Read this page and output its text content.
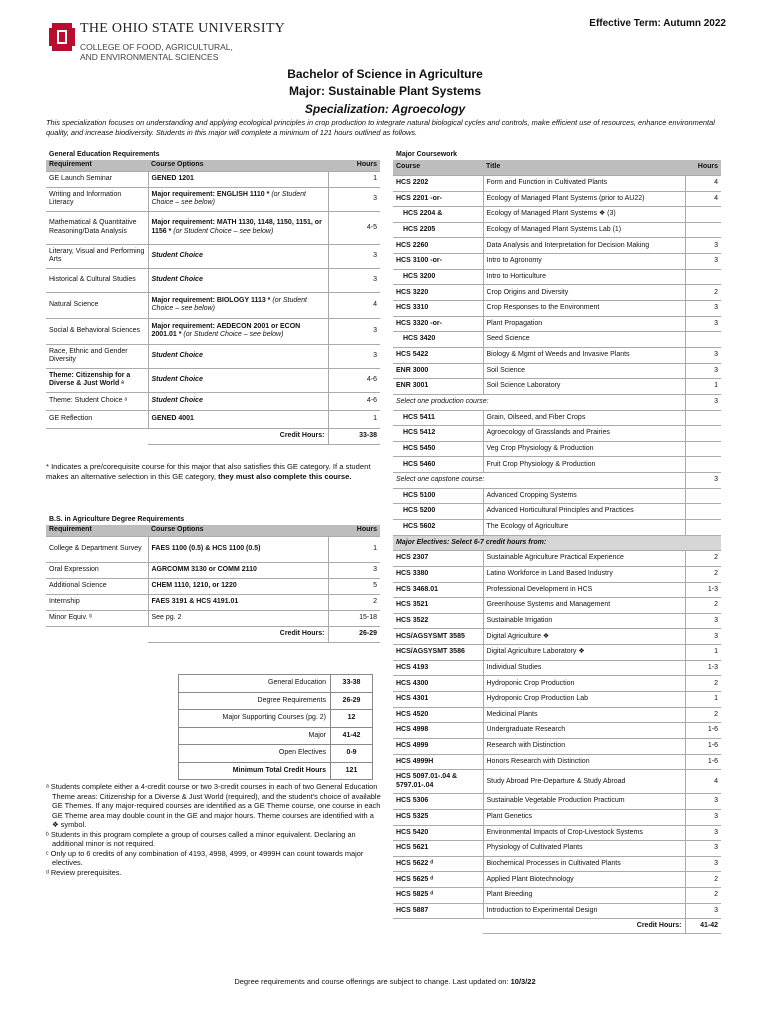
THE OHIO STATE UNIVERSITY
COLLEGE OF FOOD, AGRICULTURAL,
AND ENVIRONMENTAL SCIENCES
Effective Term: Autumn 2022
Bachelor of Science in Agriculture
Major: Sustainable Plant Systems
Specialization: Agroecology
This specialization focuses on understanding and applying ecological principles in crop production to integrate natural biological cycles and controls, make efficient use of resources, enhance environmental quality, and increase biodiversity. Students in this major will complete a minimum of 121 hours outlined as follows.
General Education Requirements		
Requirement	Course Options	Hours
GE Launch Seminar	GENED 1201	1
Writing and Information Literacy	Major requirement: ENGLISH 1110 * (or Student Choice – see below)	3
Mathematical & Quantitative Reasoning/Data Analysis	Major requirement: MATH 1130, 1148, 1150, 1151, or 1156 * (or Student Choice – see below)	4-5
Literary, Visual and Performing Arts	Student Choice	3
Historical & Cultural Studies	Student Choice	3
Natural Science	Major requirement: BIOLOGY 1113 * (or Student Choice – see below)	4
Social & Behavioral Sciences	Major requirement: AEDECON 2001 or ECON 2001.01 * (or Student Choice – see below)	3
Race, Ethnic and Gender Diversity	Student Choice	3
Theme: Citizenship for a Diverse & Just World ᵃ	Student Choice	4-6
Theme: Student Choice ᵃ	Student Choice	4-6
GE Reflection	GENED 4001	1
	Credit Hours:	33-38
* Indicates a pre/corequisite course for this major that also satisfies this GE category. If a student makes an alternative selection in this GE category, they must also complete this course.
B.S. in Agriculture Degree Requirements		
Requirement	Course Options	Hours
College & Department Survey	FAES 1100 (0.5) & HCS 1100 (0.5)	1
Oral Expression	AGRCOMM 3130 or COMM 2110	3
Additional Science	CHEM 1110, 1210, or 1220	5
Internship	FAES 3191 & HCS 4191.01	2
Minor Equiv. ᵇ	See pg. 2	15-18
	Credit Hours:	26-29
General Education	33-38
Degree Requirements	26-29
Major Supporting Courses (pg. 2)	12
Major	41-42
Open Electives	0-9
Minimum Total Credit Hours	121

ᵃ Students complete either a 4-credit course or two 3-credit courses in each of two General Education Theme areas: Citizenship for a Diverse & Just World (required), and the student's choice of available GE Themes. If any major-required courses are identified as a GE Theme course, one course in each GE Theme area may double count in the GE and major hours. Theme courses are identified with a ❖ symbol.

ᵇ Students in this program complete a group of courses called a minor equivalent. Declaring an additional minor is not required.

ᶜ Only up to 6 credits of any combination of 4193, 4998, 4999, or 4999H can count towards major electives.

ᵈ Review prerequisites.

Major Coursework		
Course	Title	Hours
HCS 2202	Form and Function in Cultivated Plants	4
HCS 2201 -or-	Ecology of Managed Plant Systems (prior to AU22)	4
HCS 2204 &	Ecology of Managed Plant Systems ❖ (3)	
HCS 2205	Ecology of Managed Plant Systems Lab (1)	
HCS 2260	Data Analysis and Interpretation for Decision Making	3
HCS 3100 -or-	Intro to Agronomy	3
HCS 3200	Intro to Horticulture	
HCS 3220	Crop Origins and Diversity	2
HCS 3310	Crop Responses to the Environment	3
HCS 3320 -or-	Plant Propagation	3
HCS 3420	Seed Science	
HCS 5422	Biology & Mgmt of Weeds and Invasive Plants	3
ENR 3000	Soil Science	3
ENR 3001	Soil Science Laboratory	1
Select one production course:		3
HCS 5411	Grain, Oilseed, and Fiber Crops	
HCS 5412	Agroecology of Grasslands and Prairies	
HCS 5450	Veg Crop Physiology & Production	
HCS 5460	Fruit Crop Physiology & Production	
Select one capstone course:		3
HCS 5100	Advanced Cropping Systems	
HCS 5200	Advanced Horticultural Principles and Practices	
HCS 5602	The Ecology of Agriculture	
Major Electives: Select 6-7 credit hours from:		
HCS 2307	Sustainable Agriculture Practical Experience	2
HCS 3380	Latino Workforce in Land Based Industry	2
HCS 3468.01	Professional Development in HCS	1-3
HCS 3521	Greenhouse Systems and Management	2
HCS 3522	Sustainable Irrigation	3
HCS/AGSYSMT 3585	Digital Agriculture ❖	3
HCS/AGSYSMT 3586	Digital Agriculture Laboratory ❖	1
HCS 4193	Individual Studies	1-3
HCS 4300	Hydroponic Crop Production	2
HCS 4301	Hydroponic Crop Production Lab	1
HCS 4520	Medicinal Plants	2
HCS 4998	Undergraduate Research	1-6
HCS 4999	Research with Distinction	1-6
HCS 4999H	Honors Research with Distinction	1-6
HCS 5097.01-.04 & 5797.01-.04	Study Abroad Pre-Departure & Study Abroad	4
HCS 5306	Sustainable Vegetable Production Practicum	3
HCS 5325	Plant Genetics	3
HCS 5420	Environmental Impacts of Crop-Livestock Systems	3
HCS 5621	Physiology of Cultivated Plants	3
HCS 5622 ᵈ	Biochemical Processes in Cultivated Plants	3
HCS 5625 ᵈ	Applied Plant Biotechnology	2
HCS 5825 ᵈ	Plant Breeding	2
HCS 5887	Introduction to Experimental Design	3
	Credit Hours:	41-42
Degree requirements and course offerings are subject to change. Last updated on: 10/3/22
